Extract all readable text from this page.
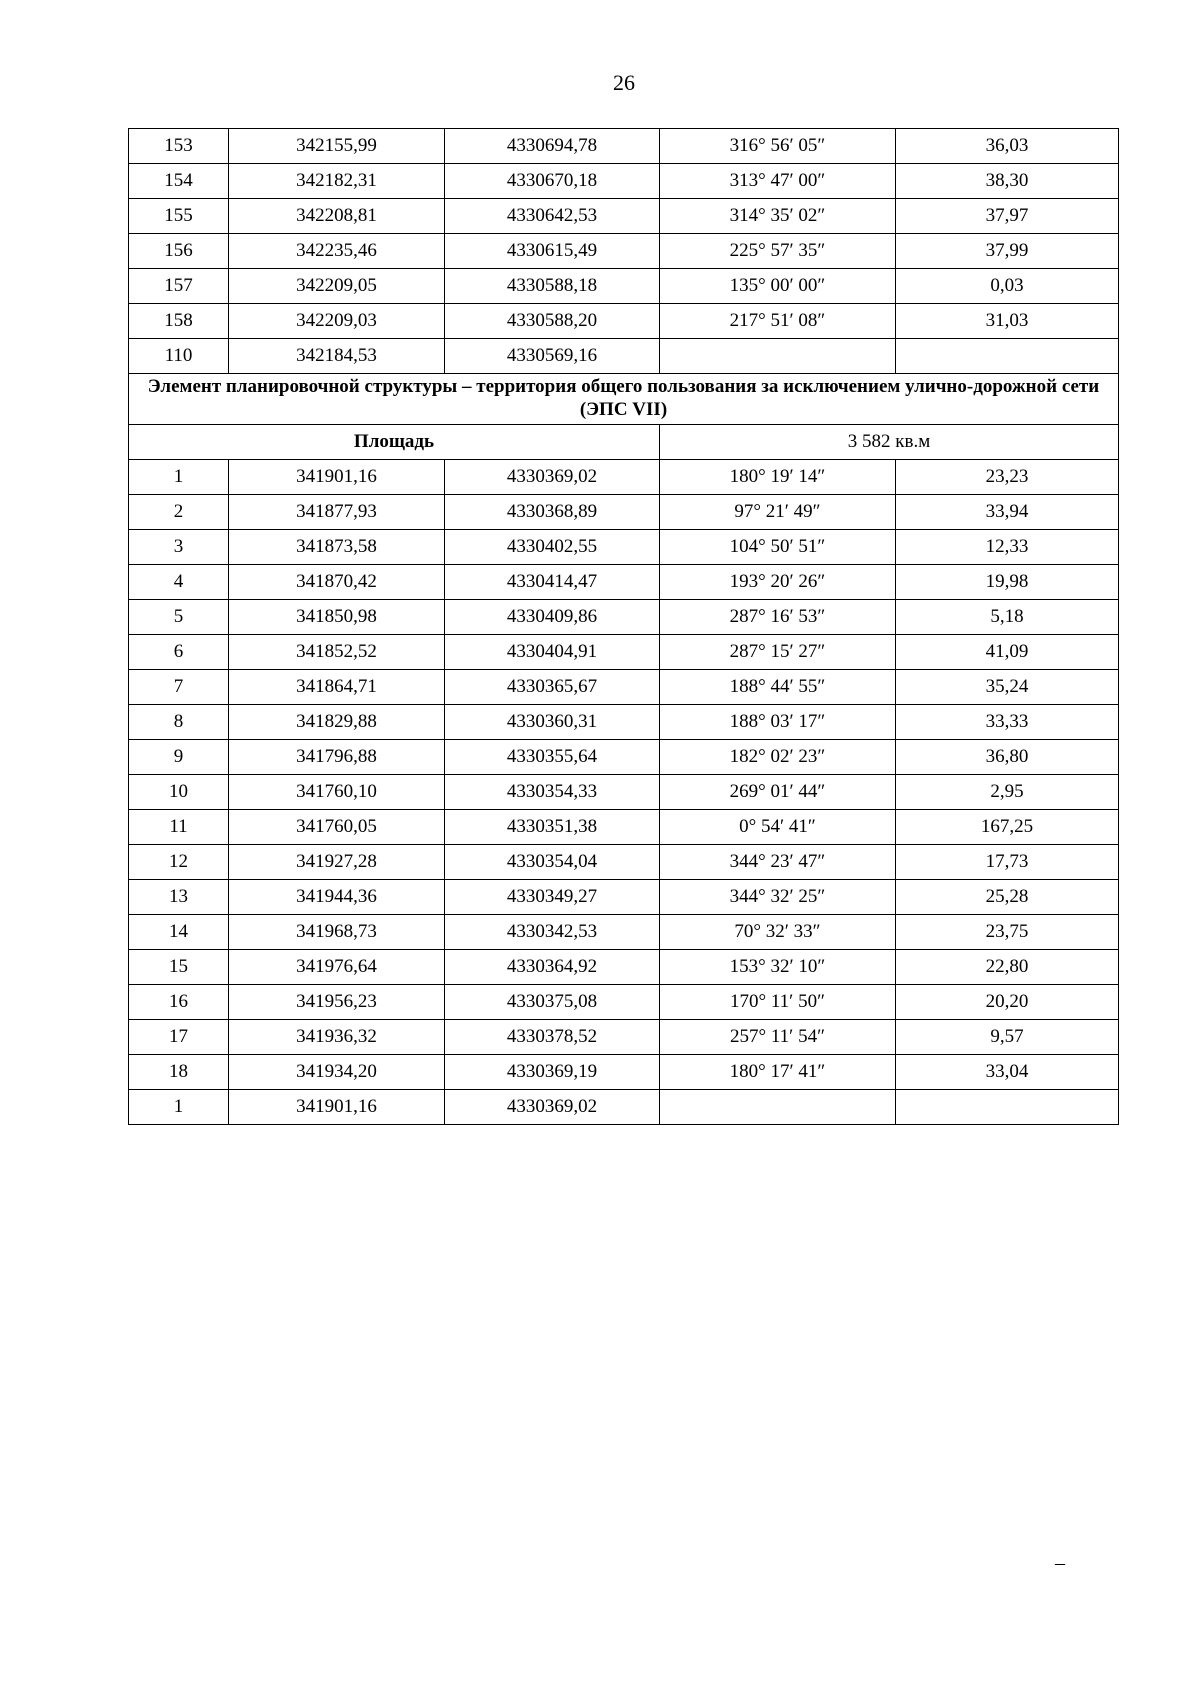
26
153	342155,99	4330694,78	316° 56′ 05″	36,03
154	342182,31	4330670,18	313° 47′ 00″	38,30
155	342208,81	4330642,53	314° 35′ 02″	37,97
156	342235,46	4330615,49	225° 57′ 35″	37,99
157	342209,05	4330588,18	135° 00′ 00″	0,03
158	342209,03	4330588,20	217° 51′ 08″	31,03
110	342184,53	4330569,16		
Элемент планировочной структуры – территория общего пользования за исключением улично-дорожной сети (ЭПС VII)				
Площадь			3 582 кв.м	
1	341901,16	4330369,02	180° 19′ 14″	23,23
2	341877,93	4330368,89	97° 21′ 49″	33,94
3	341873,58	4330402,55	104° 50′ 51″	12,33
4	341870,42	4330414,47	193° 20′ 26″	19,98
5	341850,98	4330409,86	287° 16′ 53″	5,18
6	341852,52	4330404,91	287° 15′ 27″	41,09
7	341864,71	4330365,67	188° 44′ 55″	35,24
8	341829,88	4330360,31	188° 03′ 17″	33,33
9	341796,88	4330355,64	182° 02′ 23″	36,80
10	341760,10	4330354,33	269° 01′ 44″	2,95
11	341760,05	4330351,38	0° 54′ 41″	167,25
12	341927,28	4330354,04	344° 23′ 47″	17,73
13	341944,36	4330349,27	344° 32′ 25″	25,28
14	341968,73	4330342,53	70° 32′ 33″	23,75
15	341976,64	4330364,92	153° 32′ 10″	22,80
16	341956,23	4330375,08	170° 11′ 50″	20,20
17	341936,32	4330378,52	257° 11′ 54″	9,57
18	341934,20	4330369,19	180° 17′ 41″	33,04
1	341901,16	4330369,02		
–
